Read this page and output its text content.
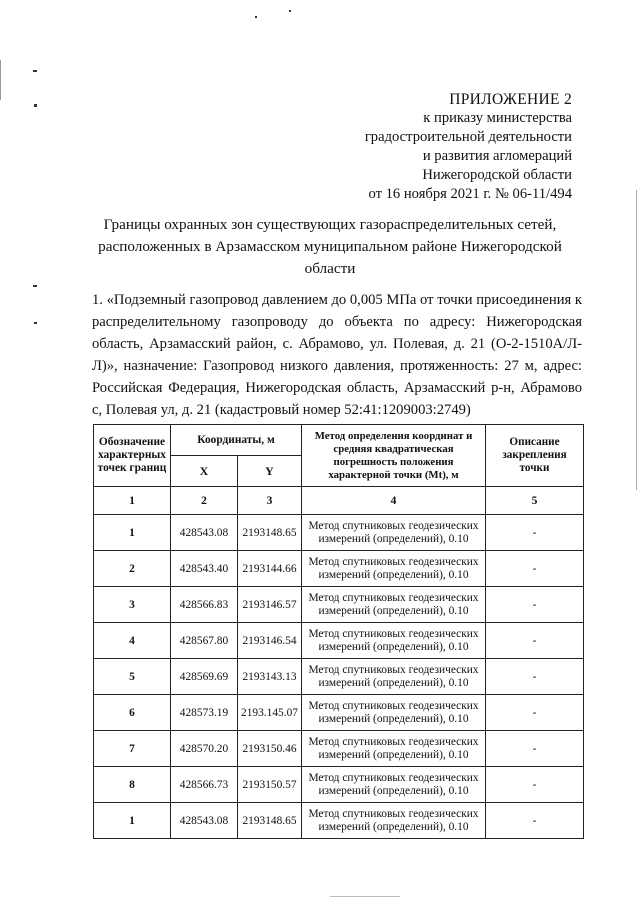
ПРИЛОЖЕНИЕ 2
к приказу министерства
градостроительной деятельности
и развития агломераций
Нижегородской области
от 16 ноября 2021 г. № 06-11/494
Границы охранных зон существующих газораспределительных сетей,
расположенных в Арзамасском муниципальном районе Нижегородской
области
1. «Подземный газопровод давлением до 0,005 МПа от точки присоединения к распределительному газопроводу до объекта по адресу: Нижегородская область, Арзамасский район, с. Абрамово, ул. Полевая, д. 21 (О-2-1510А/Л-Л)», назначение: Газопровод низкого давления, протяженность: 27 м, адрес: Российская Федерация, Нижегородская область, Арзамасский р-н, Абрамово с, Полевая ул, д. 21 (кадастровый номер 52:41:1209003:2749)
Обозначение характерных точек границ	Координаты, м		Метод определения координат и средняя квадратическая погрешность положения характерной точки (Mt), м	Описание закрепления точки
	X	Y		
1	2	3	4	5
1	428543.08	2193148.65	Метод спутниковых геодезических измерений (определений), 0.10	-
2	428543.40	2193144.66	Метод спутниковых геодезических измерений (определений), 0.10	-
3	428566.83	2193146.57	Метод спутниковых геодезических измерений (определений), 0.10	-
4	428567.80	2193146.54	Метод спутниковых геодезических измерений (определений), 0.10	-
5	428569.69	2193143.13	Метод спутниковых геодезических измерений (определений), 0.10	-
6	428573.19	2193.145.07	Метод спутниковых геодезических измерений (определений), 0.10	-
7	428570.20	2193150.46	Метод спутниковых геодезических измерений (определений), 0.10	-
8	428566.73	2193150.57	Метод спутниковых геодезических измерений (определений), 0.10	-
1	428543.08	2193148.65	Метод спутниковых геодезических измерений (определений), 0.10	-
